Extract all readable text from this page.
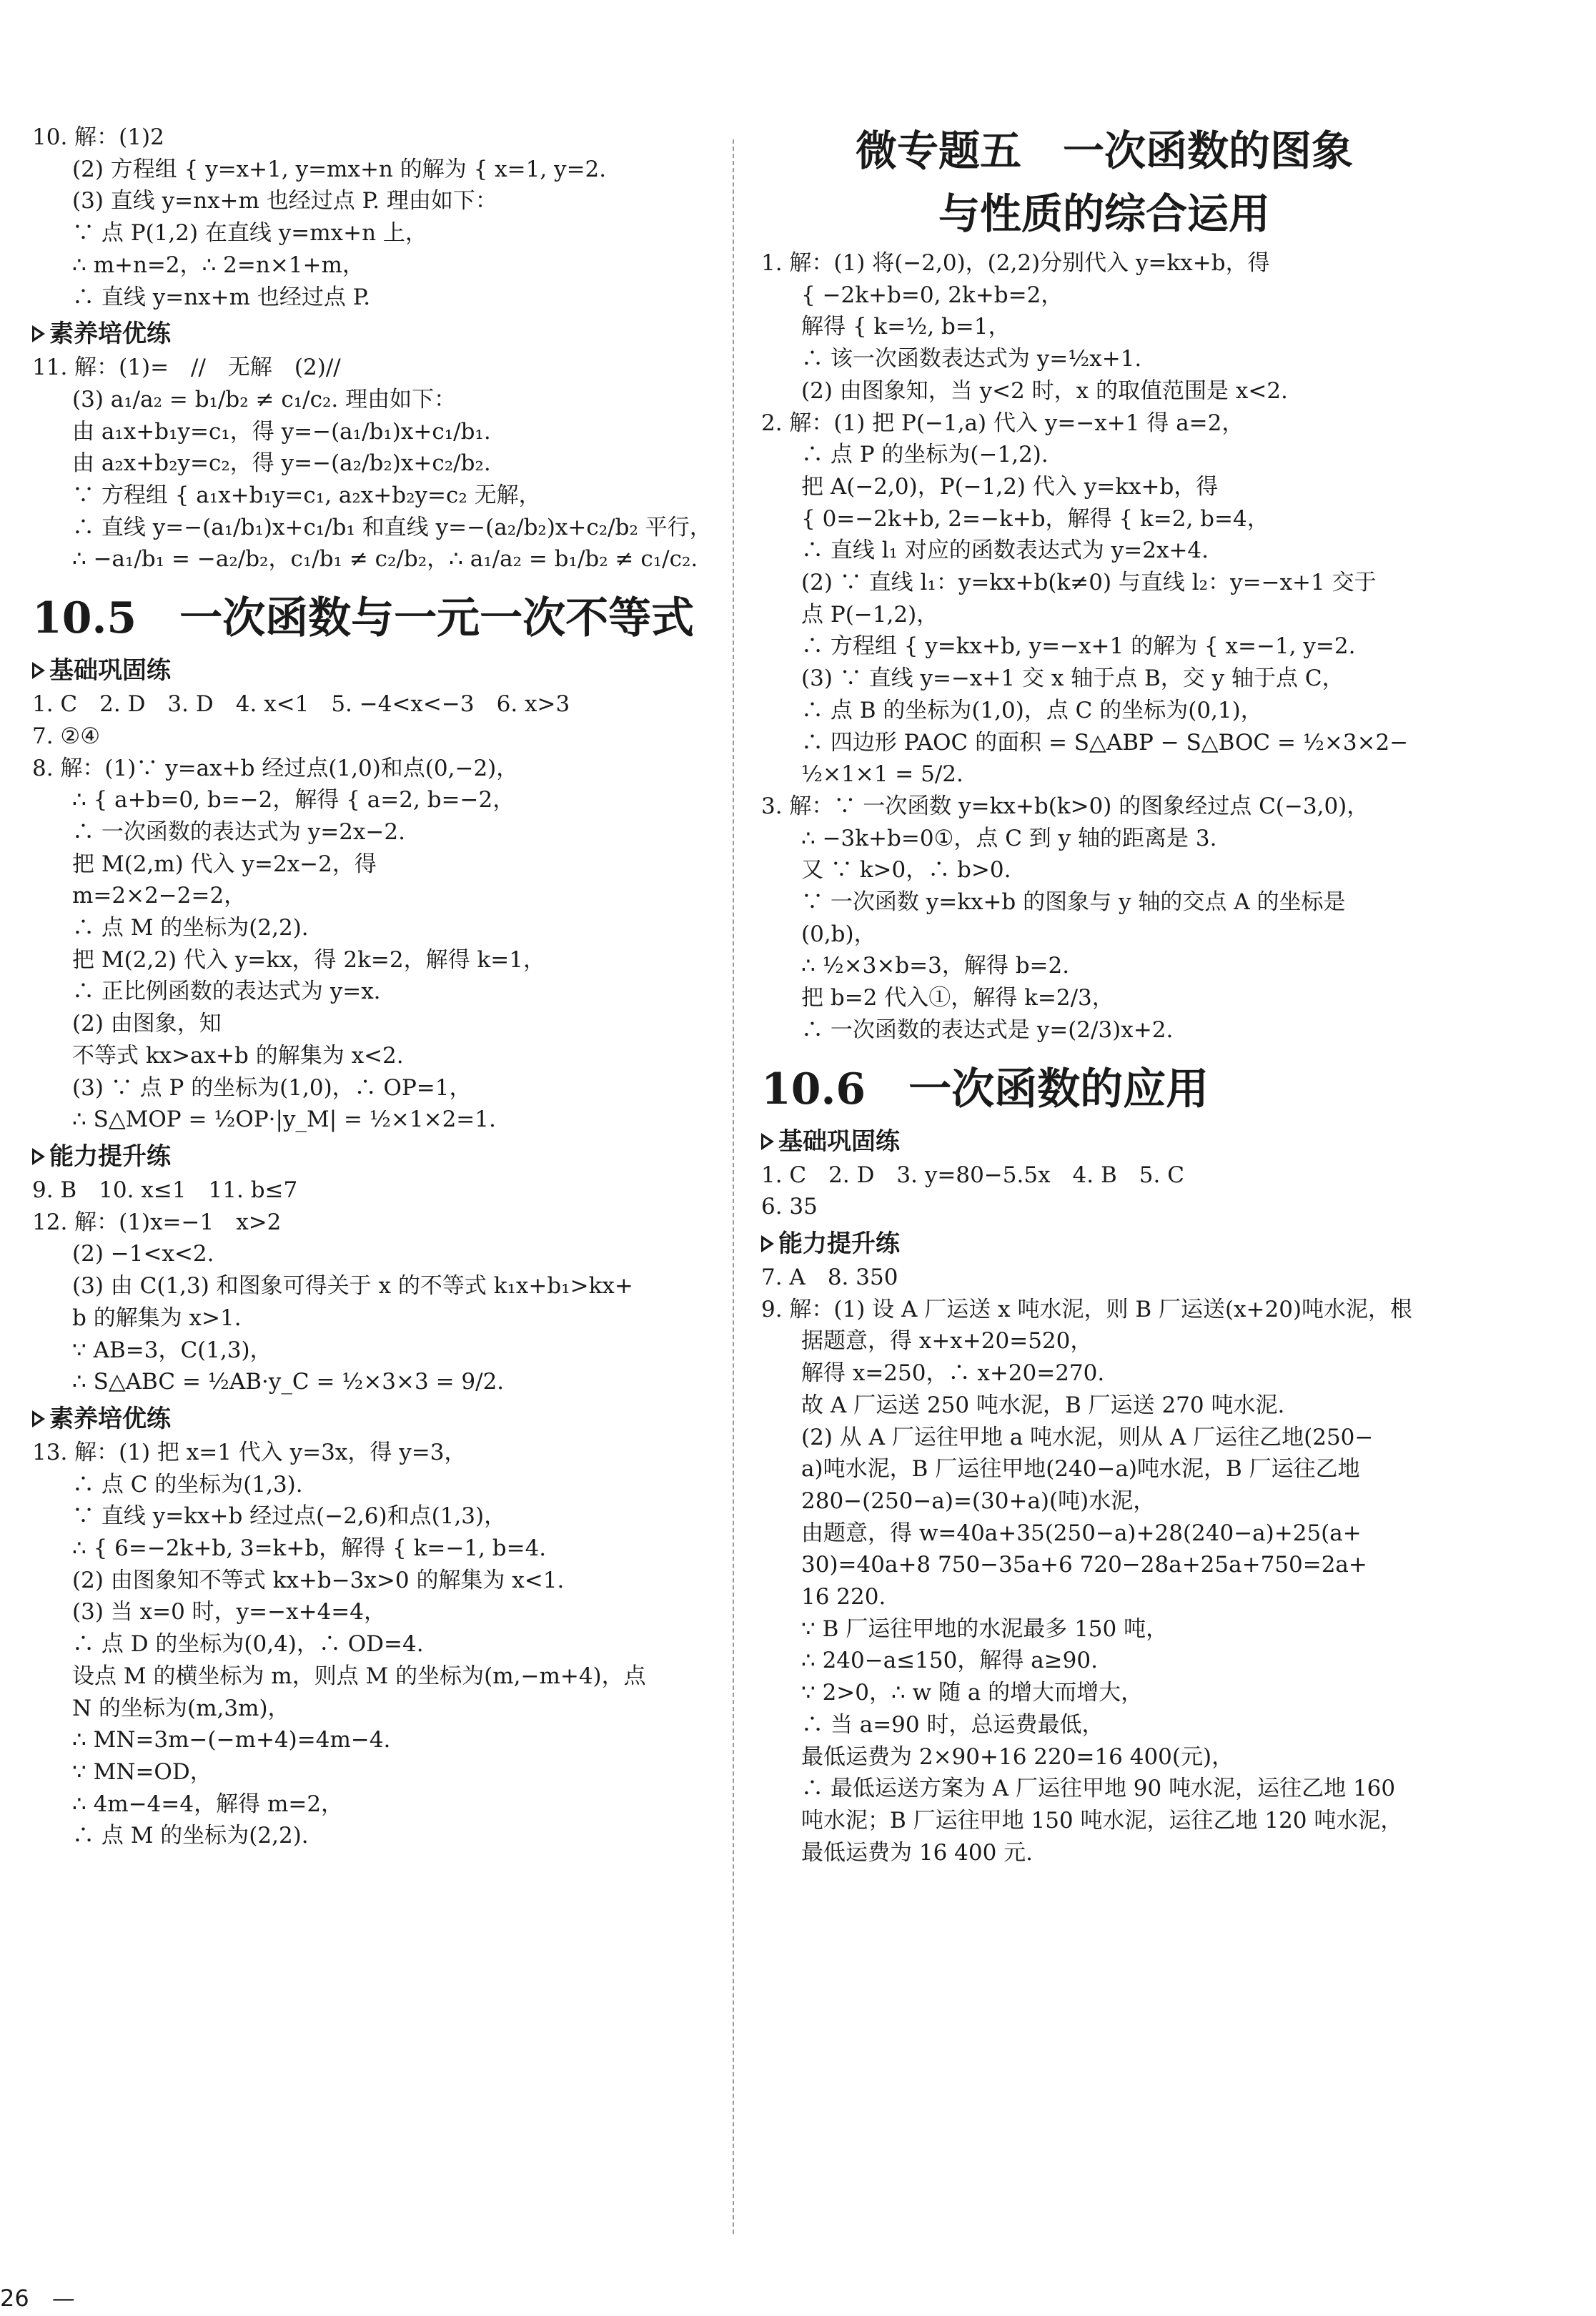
10. 解：(1)2
(2) 方程组 { y=x+1, y=mx+n 的解为 { x=1, y=2.
(3) 直线 y=nx+m 也经过点 P. 理由如下：
∵ 点 P(1,2) 在直线 y=mx+n 上，
∴ m+n=2，∴ 2=n×1+m，
∴ 直线 y=nx+m 也经过点 P.
素养培优练
11. 解：(1)=　//　无解　(2)//
(3) a₁/a₂ = b₁/b₂ ≠ c₁/c₂. 理由如下：
由 a₁x+b₁y=c₁，得 y=−(a₁/b₁)x+c₁/b₁.
由 a₂x+b₂y=c₂，得 y=−(a₂/b₂)x+c₂/b₂.
∵ 方程组 { a₁x+b₁y=c₁, a₂x+b₂y=c₂ 无解，
∴ 直线 y=−(a₁/b₁)x+c₁/b₁ 和直线 y=−(a₂/b₂)x+c₂/b₂ 平行，
∴ −a₁/b₁ = −a₂/b₂，c₁/b₁ ≠ c₂/b₂，∴ a₁/a₂ = b₁/b₂ ≠ c₁/c₂.
10.5　一次函数与一元一次不等式
基础巩固练
1. C　2. D　3. D　4. x<1　5. −4<x<−3　6. x>3
7. ②④
8. 解：(1)∵ y=ax+b 经过点(1,0)和点(0,−2)，
∴ { a+b=0, b=−2，解得 { a=2, b=−2，
∴ 一次函数的表达式为 y=2x−2.
把 M(2,m) 代入 y=2x−2，得
m=2×2−2=2，
∴ 点 M 的坐标为(2,2).
把 M(2,2) 代入 y=kx，得 2k=2，解得 k=1，
∴ 正比例函数的表达式为 y=x.
(2) 由图象，知
不等式 kx>ax+b 的解集为 x<2.
(3) ∵ 点 P 的坐标为(1,0)，∴ OP=1，
∴ S△MOP = ½OP·|y_M| = ½×1×2=1.
能力提升练
9. B　10. x≤1　11. b≤7
12. 解：(1)x=−1　x>2
(2) −1<x<2.
(3) 由 C(1,3) 和图象可得关于 x 的不等式 k₁x+b₁>kx+
b 的解集为 x>1.
∵ AB=3，C(1,3)，
∴ S△ABC = ½AB·y_C = ½×3×3 = 9/2.
素养培优练
13. 解：(1) 把 x=1 代入 y=3x，得 y=3，
∴ 点 C 的坐标为(1,3).
∵ 直线 y=kx+b 经过点(−2,6)和点(1,3)，
∴ { 6=−2k+b, 3=k+b，解得 { k=−1, b=4.
(2) 由图象知不等式 kx+b−3x>0 的解集为 x<1.
(3) 当 x=0 时，y=−x+4=4，
∴ 点 D 的坐标为(0,4)，∴ OD=4.
设点 M 的横坐标为 m，则点 M 的坐标为(m,−m+4)，点
N 的坐标为(m,3m)，
∴ MN=3m−(−m+4)=4m−4.
∵ MN=OD，
∴ 4m−4=4，解得 m=2，
∴ 点 M 的坐标为(2,2).
微专题五　一次函数的图象
与性质的综合运用
1. 解：(1) 将(−2,0)，(2,2)分别代入 y=kx+b，得
{ −2k+b=0, 2k+b=2，
解得 { k=½, b=1，
∴ 该一次函数表达式为 y=½x+1.
(2) 由图象知，当 y<2 时，x 的取值范围是 x<2.
2. 解：(1) 把 P(−1,a) 代入 y=−x+1 得 a=2，
∴ 点 P 的坐标为(−1,2).
把 A(−2,0)，P(−1,2) 代入 y=kx+b，得
{ 0=−2k+b, 2=−k+b，解得 { k=2, b=4，
∴ 直线 l₁ 对应的函数表达式为 y=2x+4.
(2) ∵ 直线 l₁：y=kx+b(k≠0) 与直线 l₂：y=−x+1 交于
点 P(−1,2)，
∴ 方程组 { y=kx+b, y=−x+1 的解为 { x=−1, y=2.
(3) ∵ 直线 y=−x+1 交 x 轴于点 B，交 y 轴于点 C，
∴ 点 B 的坐标为(1,0)，点 C 的坐标为(0,1)，
∴ 四边形 PAOC 的面积 = S△ABP − S△BOC = ½×3×2−
½×1×1 = 5/2.
3. 解：∵ 一次函数 y=kx+b(k>0) 的图象经过点 C(−3,0)，
∴ −3k+b=0①，点 C 到 y 轴的距离是 3.
又 ∵ k>0，∴ b>0.
∵ 一次函数 y=kx+b 的图象与 y 轴的交点 A 的坐标是
(0,b)，
∴ ½×3×b=3，解得 b=2.
把 b=2 代入①，解得 k=2/3，
∴ 一次函数的表达式是 y=(2/3)x+2.
10.6　一次函数的应用
基础巩固练
1. C　2. D　3. y=80−5.5x　4. B　5. C
6. 35
能力提升练
7. A　8. 350
9. 解：(1) 设 A 厂运送 x 吨水泥，则 B 厂运送(x+20)吨水泥，根
据题意，得 x+x+20=520，
解得 x=250，∴ x+20=270.
故 A 厂运送 250 吨水泥，B 厂运送 270 吨水泥.
(2) 从 A 厂运往甲地 a 吨水泥，则从 A 厂运往乙地(250−
a)吨水泥，B 厂运往甲地(240−a)吨水泥，B 厂运往乙地
280−(250−a)=(30+a)(吨)水泥，
由题意，得 w=40a+35(250−a)+28(240−a)+25(a+
30)=40a+8 750−35a+6 720−28a+25a+750=2a+
16 220.
∵ B 厂运往甲地的水泥最多 150 吨，
∴ 240−a≤150，解得 a≥90.
∵ 2>0，∴ w 随 a 的增大而增大，
∴ 当 a=90 时，总运费最低，
最低运费为 2×90+16 220=16 400(元)，
∴ 最低运送方案为 A 厂运往甲地 90 吨水泥，运往乙地 160
吨水泥；B 厂运往甲地 150 吨水泥，运往乙地 120 吨水泥，
最低运费为 16 400 元.
26　—
